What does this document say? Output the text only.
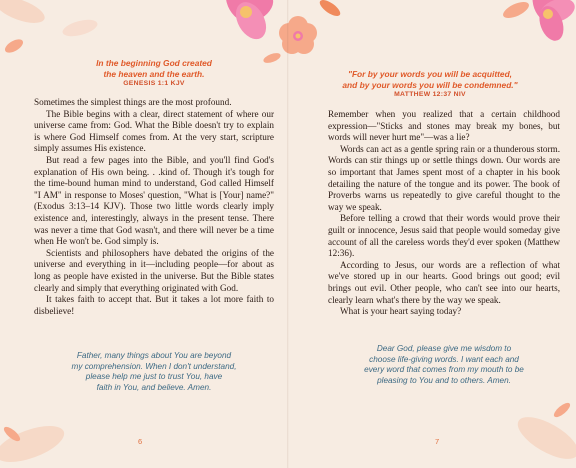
In the beginning God created
the heaven and the earth.

GENESIS 1:1 KJV

Sometimes the simplest things are the most profound.

The Bible begins with a clear, direct statement of where our universe came from: God. What the Bible doesn't try to explain is where God Himself comes from. At the very start, scripture simply assumes His existence.

But read a few pages into the Bible, and you'll find God's explanation of His own being. . .kind of. Though it's tough for the time-bound human mind to understand, God called Himself "I AM" in response to Moses' question, "What is [Your] name?" (Exodus 3:13–14 KJV). Those two little words clearly imply existence and, interestingly, always in the present tense. There was never a time that God wasn't, and there will never be a time when He won't be. God simply is.

Scientists and philosophers have debated the origins of the universe and everything in it—including people—for about as long as people have existed in the universe. But the Bible states clearly and simply that everything originated with God.

It takes faith to accept that. But it takes a lot more faith to disbelieve!

Father, many things about You are beyond
my comprehension. When I don't understand,
please help me just to trust You, have
faith in You, and believe. Amen.
6
"For by your words you will be acquitted,
and by your words you will be condemned."

MATTHEW 12:37 NIV

Remember when you realized that a certain childhood expression—"Sticks and stones may break my bones, but words will never hurt me"—was a lie?

Words can act as a gentle spring rain or a thunderous storm. Words can stir things up or settle things down. Our words are so important that James spent most of a chapter in his book detailing the nature of the tongue and its power. The book of Proverbs warns us repeatedly to give careful thought to the way we speak.

Before telling a crowd that their words would prove their guilt or innocence, Jesus said that people would someday give account of all the careless words they'd ever spoken (Matthew 12:36).

According to Jesus, our words are a reflection of what we've stored up in our hearts. Good brings out good; evil brings out evil. Other people, who can't see into our hearts, clearly learn what's there by the way we speak.

What is your heart saying today?

Dear God, please give me wisdom to
choose life-giving words. I want each and
every word that comes from my mouth to be
pleasing to You and to others. Amen.
7
